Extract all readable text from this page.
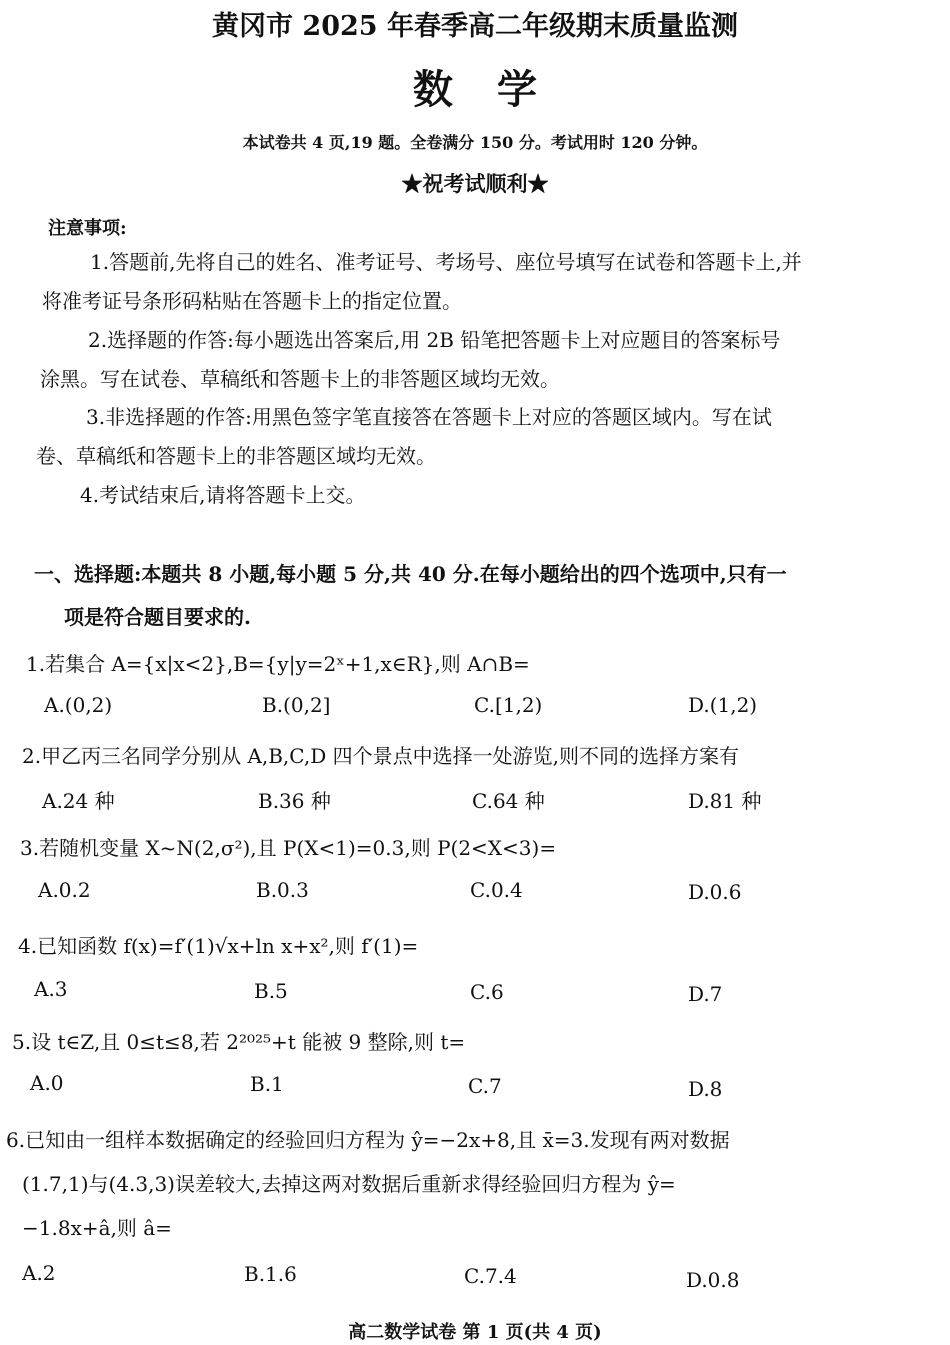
黄冈市 2025 年春季高二年级期末质量监测
数学
本试卷共 4 页,19 题。全卷满分 150 分。考试用时 120 分钟。
★祝考试顺利★
注意事项:
1.答题前,先将自己的姓名、准考证号、考场号、座位号填写在试卷和答题卡上,并
将准考证号条形码粘贴在答题卡上的指定位置。
2.选择题的作答:每小题选出答案后,用 2B 铅笔把答题卡上对应题目的答案标号
涂黑。写在试卷、草稿纸和答题卡上的非答题区域均无效。
3.非选择题的作答:用黑色签字笔直接答在答题卡上对应的答题区域内。写在试
卷、草稿纸和答题卡上的非答题区域均无效。
4.考试结束后,请将答题卡上交。
一、选择题:本题共 8 小题,每小题 5 分,共 40 分.在每小题给出的四个选项中,只有一
项是符合题目要求的.
1.若集合 A={x|x<2},B={y|y=2ˣ+1,x∈R},则 A∩B=
A.(0,2)	B.(0,2]	C.[1,2)	D.(1,2)
2.甲乙丙三名同学分别从 A,B,C,D 四个景点中选择一处游览,则不同的选择方案有
A.24 种	B.36 种	C.64 种	D.81 种
3.若随机变量 X~N(2,σ²),且 P(X<1)=0.3,则 P(2<X<3)=
A.0.2	B.0.3	C.0.4	D.0.6
4.已知函数 f(x)=f′(1)√x+ln x+x²,则 f′(1)=
A.3	B.5	C.6	D.7
5.设 t∈Z,且 0≤t≤8,若 2²⁰²⁵+t 能被 9 整除,则 t=
A.0	B.1	C.7	D.8
6.已知由一组样本数据确定的经验回归方程为 ŷ=−2x+8,且 x̄=3.发现有两对数据
(1.7,1)与(4.3,3)误差较大,去掉这两对数据后重新求得经验回归方程为 ŷ=
−1.8x+â,则 â=
A.2	B.1.6	C.7.4	D.0.8
高二数学试卷 第 1 页(共 4 页)
